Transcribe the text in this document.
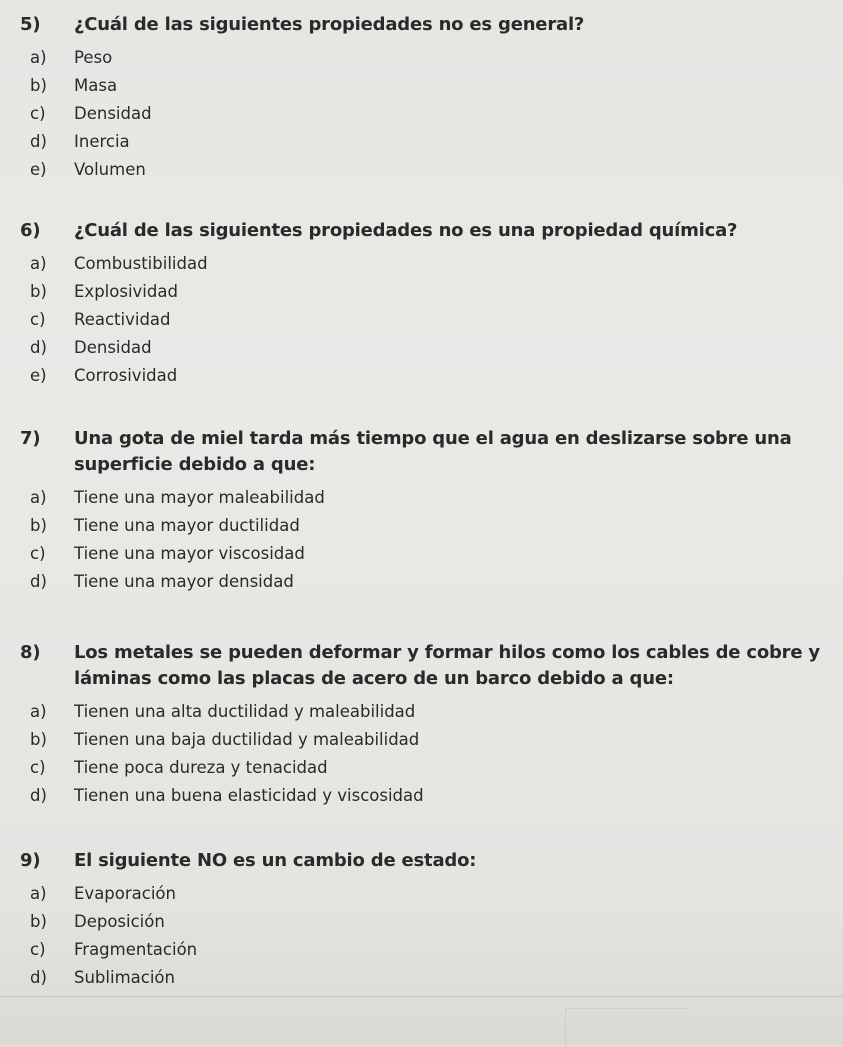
5)	¿Cuál de las siguientes propiedades no es general?
a)	Peso
b)	Masa
c)	Densidad
d)	Inercia
e)	Volumen
6)	¿Cuál de las siguientes propiedades no es una propiedad química?
a)	Combustibilidad
b)	Explosividad
c)	Reactividad
d)	Densidad
e)	Corrosividad
7)	Una gota de miel tarda más tiempo que el agua en deslizarse sobre una superficie debido a que:
a)	Tiene una mayor maleabilidad
b)	Tiene una mayor ductilidad
c)	Tiene una mayor viscosidad
d)	Tiene una mayor densidad
8)	Los metales se pueden deformar y formar hilos como los cables de cobre y láminas como las placas de acero de un barco debido a que:
a)	Tienen una alta ductilidad y maleabilidad
b)	Tienen una baja ductilidad y maleabilidad
c)	Tiene poca dureza y tenacidad
d)	Tienen una buena elasticidad y viscosidad
9)	El siguiente NO es un cambio de estado:
a)	Evaporación
b)	Deposición
c)	Fragmentación
d)	Sublimación
